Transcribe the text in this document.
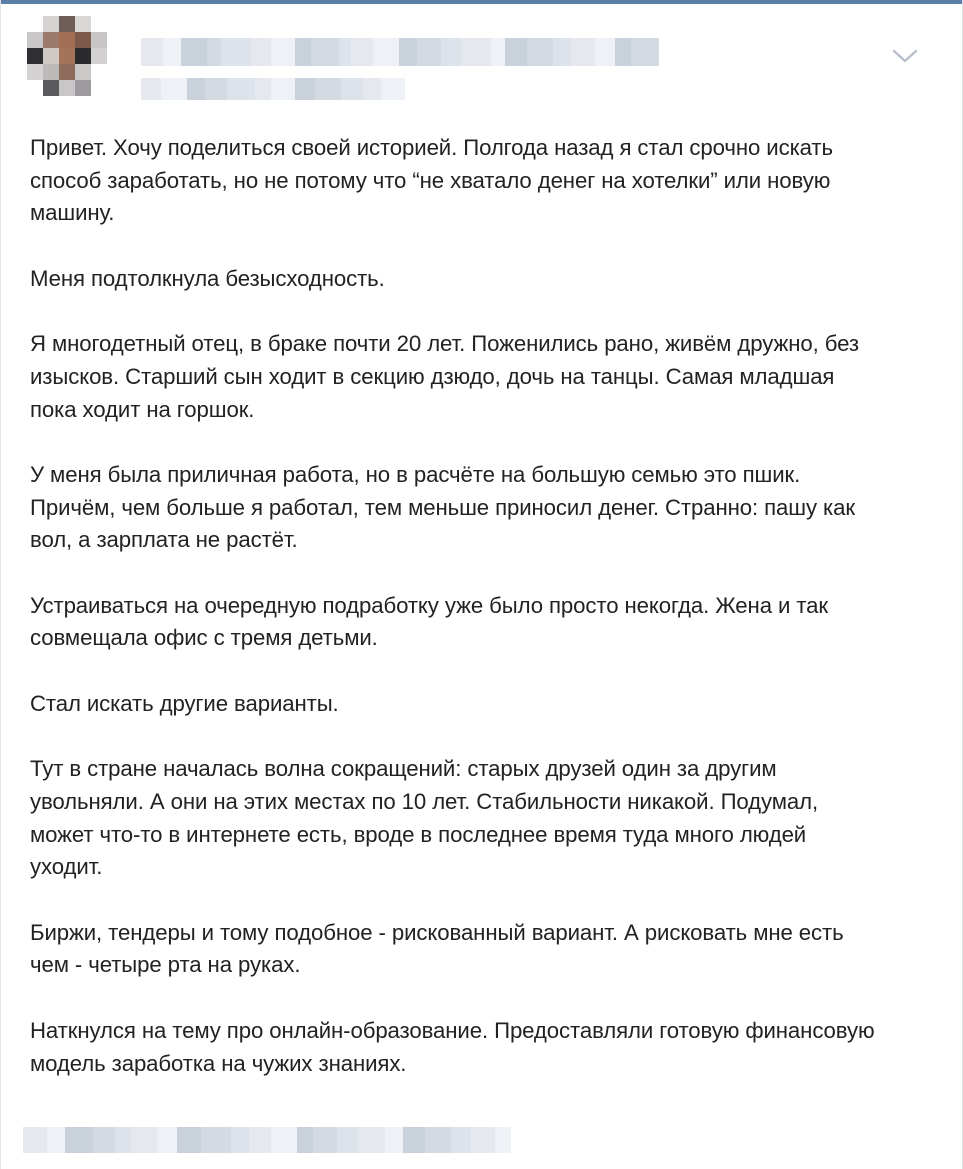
Привет. Хочу поделиться своей историей. Полгода назад я стал срочно искать
способ заработать, но не потому что “не хватало денег на хотелки” или новую
машину.

Меня подтолкнула безысходность.

Я многодетный отец, в браке почти 20 лет. Поженились рано, живём дружно, без
изысков. Старший сын ходит в секцию дзюдо, дочь на танцы. Самая младшая
пока ходит на горшок.

У меня была приличная работа, но в расчёте на большую семью это пшик.
Причём, чем больше я работал, тем меньше приносил денег. Странно: пашу как
вол, а зарплата не растёт.

Устраиваться на очередную подработку уже было просто некогда. Жена и так
совмещала офис с тремя детьми.

Стал искать другие варианты.

Тут в стране началась волна сокращений: старых друзей один за другим
увольняли. А они на этих местах по 10 лет. Стабильности никакой. Подумал,
может что-то в интернете есть, вроде в последнее время туда много людей
уходит.

Биржи, тендеры и тому подобное - рискованный вариант. А рисковать мне есть
чем - четыре рта на руках.

Наткнулся на тему про онлайн-образование. Предоставляли готовую финансовую
модель заработка на чужих знаниях.
